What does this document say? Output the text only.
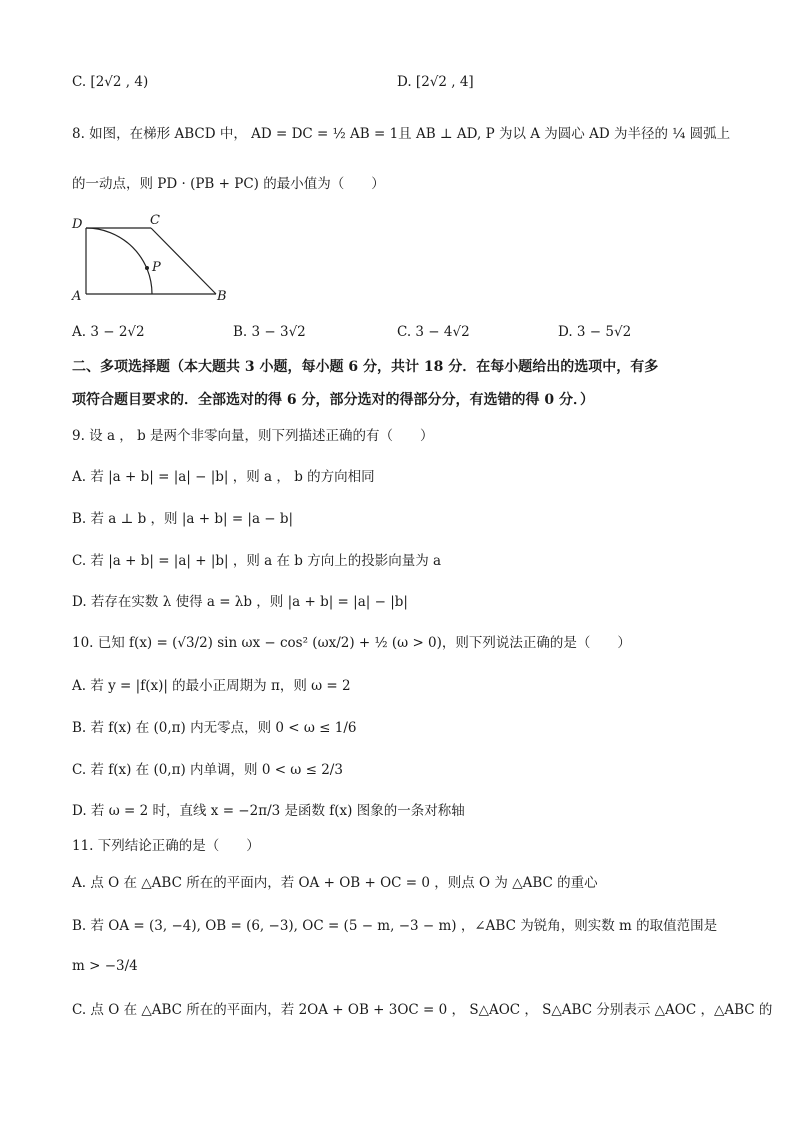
C. [2√2 , 4)	D. [2√2 , 4]
8. 如图，在梯形 ABCD 中， AD = DC = ½ AB = 1且 AB ⊥ AD, P 为以 A 为圆心 AD 为半径的 ¼ 圆弧上
的一动点，则 PD · (PB + PC) 的最小值为（　　）
D	C
P
A	B
A. 3 − 2√2	B. 3 − 3√2	C. 3 − 4√2	D. 3 − 5√2
二、多项选择题（本大题共 3 小题，每小题 6 分，共计 18 分．在每小题给出的选项中，有多
项符合题目要求的．全部选对的得 6 分，部分选对的得部分分，有选错的得 0 分．）
9. 设 a ， b 是两个非零向量，则下列描述正确的有（　　）
A. 若 |a + b| = |a| − |b| ，则 a ， b 的方向相同
B. 若 a ⊥ b ，则 |a + b| = |a − b|
C. 若 |a + b| = |a| + |b| ，则 a 在 b 方向上的投影向量为 a
D. 若存在实数 λ 使得 a = λb ，则 |a + b| = |a| − |b|
10. 已知 f(x) = (√3/2) sin ωx − cos² (ωx/2) + ½ (ω > 0)，则下列说法正确的是（　　）
A. 若 y = |f(x)| 的最小正周期为 π，则 ω = 2
B. 若 f(x) 在 (0,π) 内无零点，则 0 < ω ≤ 1/6
C. 若 f(x) 在 (0,π) 内单调，则 0 < ω ≤ 2/3
D. 若 ω = 2 时，直线 x = −2π/3 是函数 f(x) 图象的一条对称轴
11. 下列结论正确的是（　　）
A. 点 O 在 △ABC 所在的平面内，若 OA + OB + OC = 0 ，则点 O 为 △ABC 的重心
B. 若 OA = (3, −4), OB = (6, −3), OC = (5 − m, −3 − m) ，∠ABC 为锐角，则实数 m 的取值范围是
m > −3/4
C. 点 O 在 △ABC 所在的平面内，若 2OA + OB + 3OC = 0 ， S△AOC ， S△ABC 分别表示 △AOC ，△ABC 的
